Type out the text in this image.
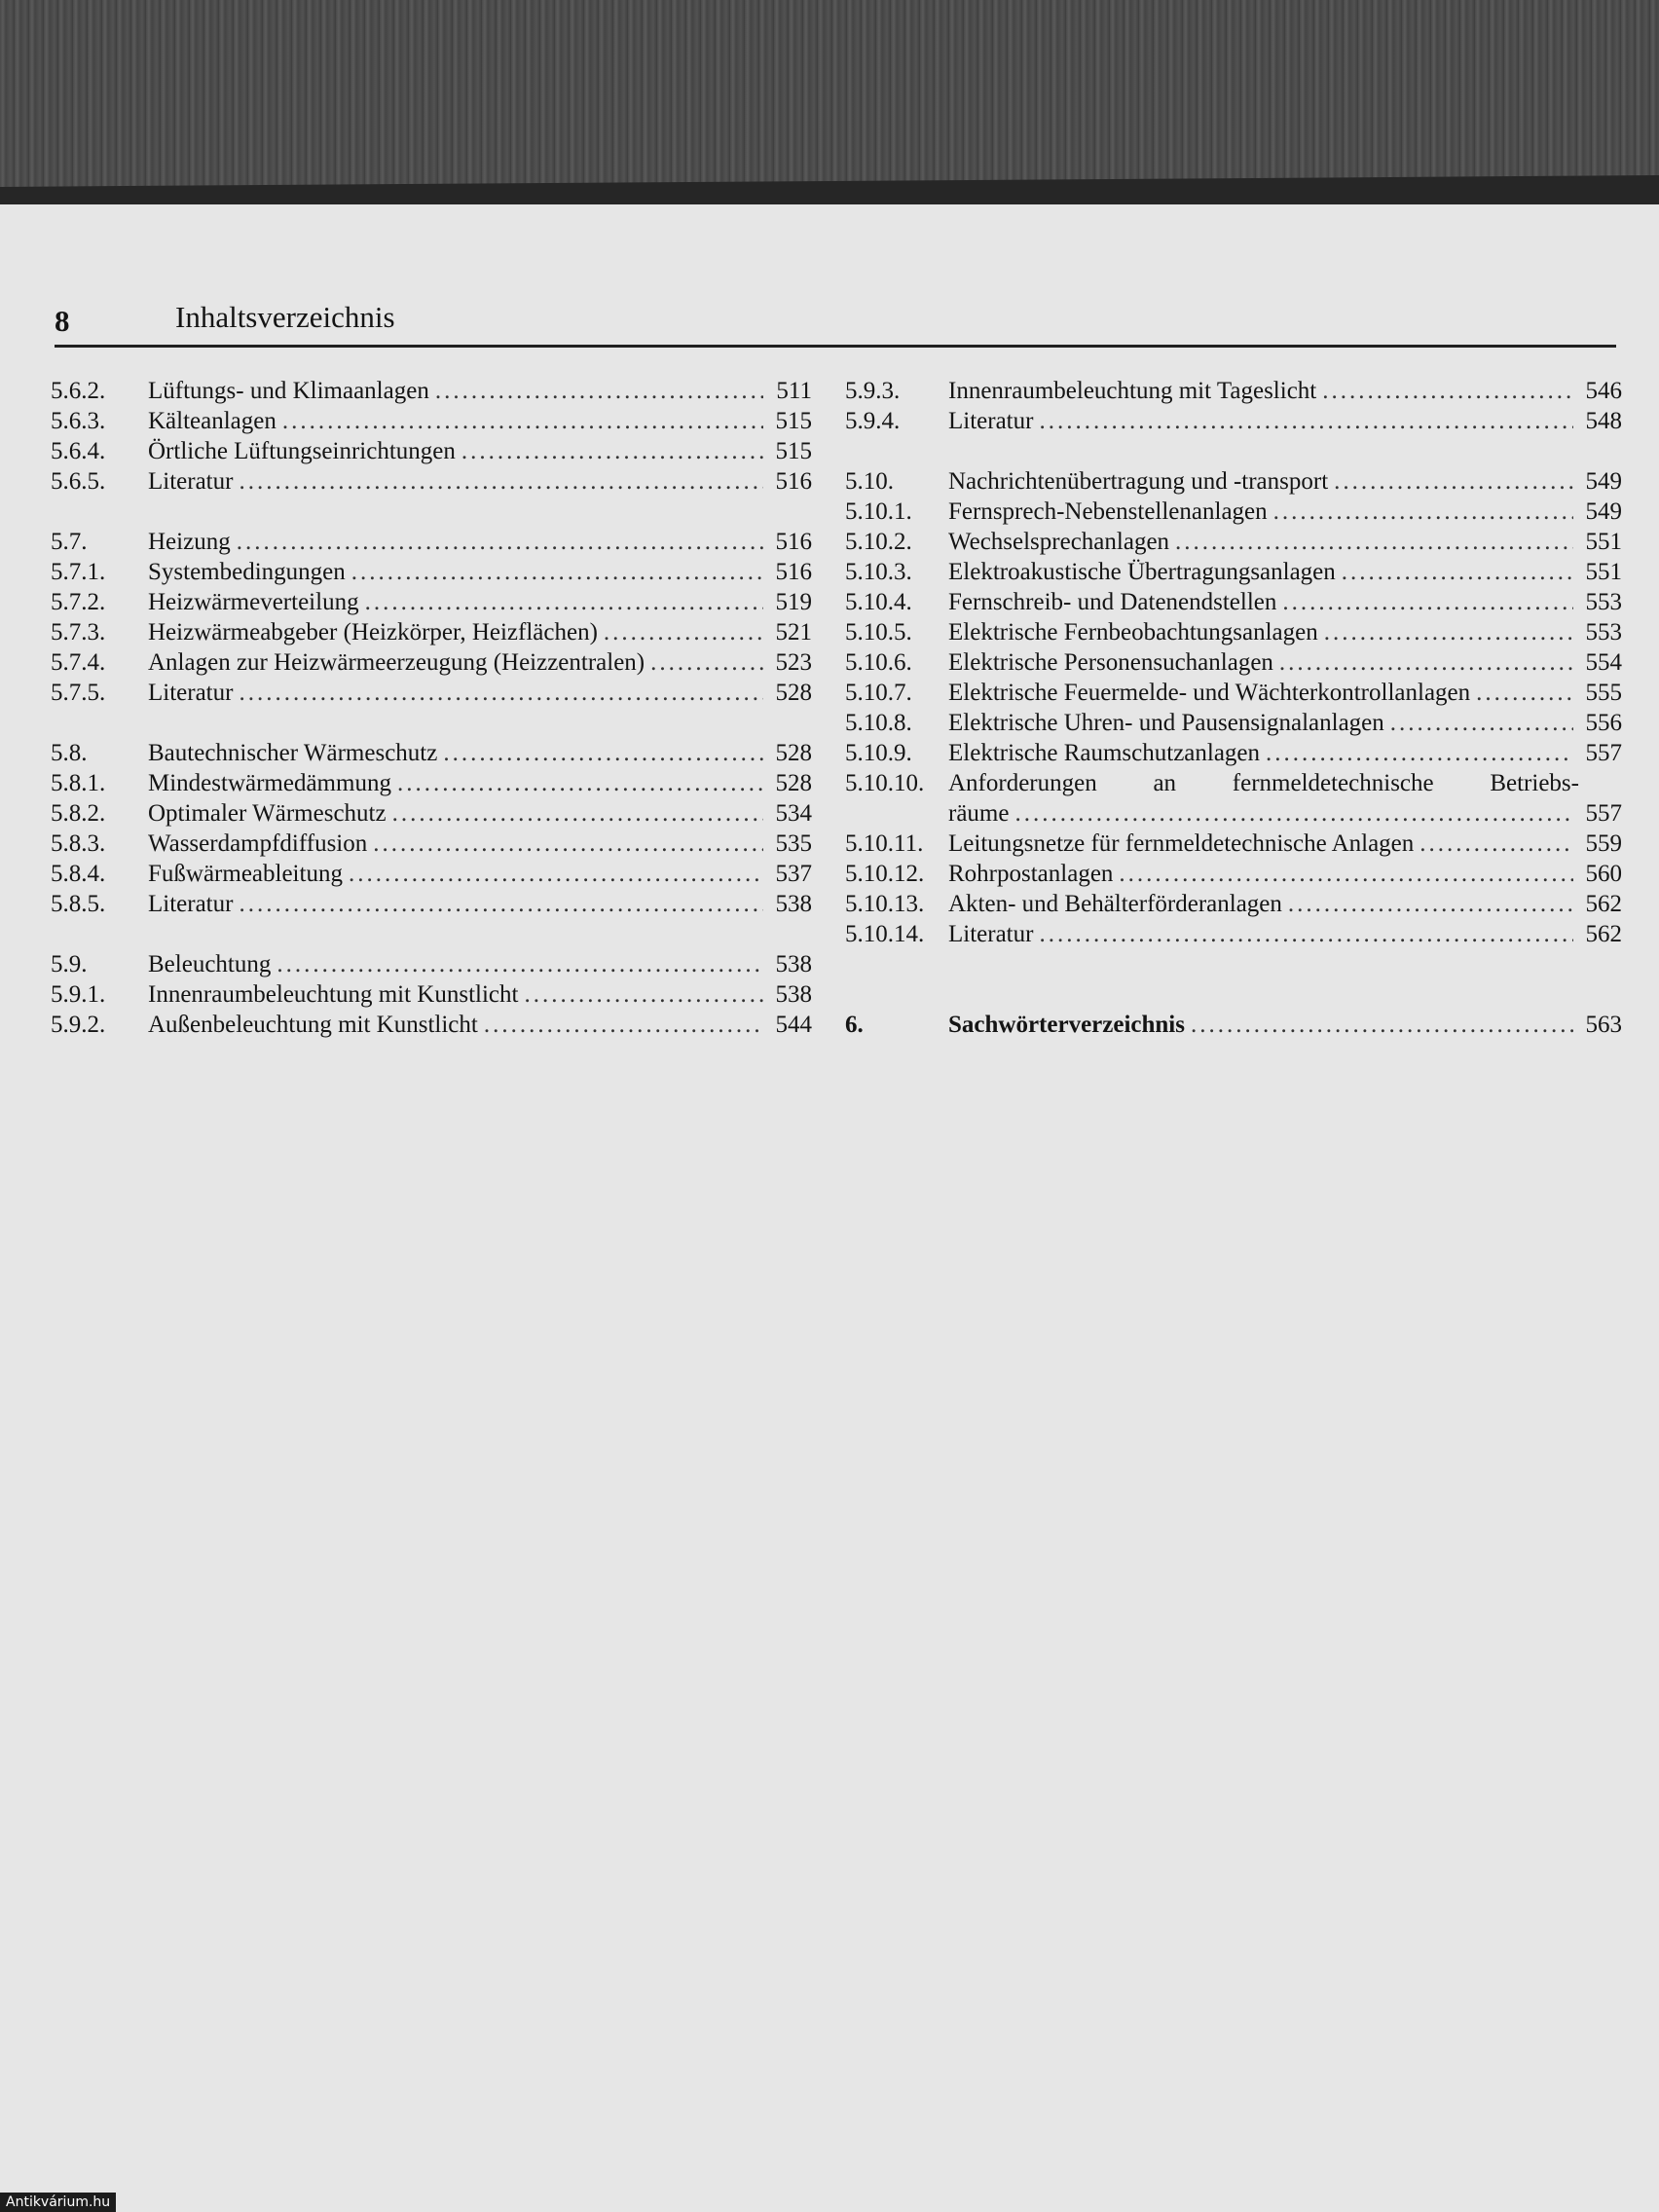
8	Inhaltsverzeichnis
5.6.2.	Lüftungs- und Klimaanlagen .....	511
5.6.3.	Kälteanlagen .....	515
5.6.4.	Örtliche Lüftungseinrichtungen .....	515
5.6.5.	Literatur .....	516
5.7.	Heizung .....	516
5.7.1.	Systembedingungen .....	516
5.7.2.	Heizwärmeverteilung .....	519
5.7.3.	Heizwärmeabgeber (Heizkörper, Heizflächen) .....	521
5.7.4.	Anlagen zur Heizwärmeerzeugung (Heizzentralen) .....	523
5.7.5.	Literatur .....	528
5.8.	Bautechnischer Wärmeschutz .....	528
5.8.1.	Mindestwärmedämmung .....	528
5.8.2.	Optimaler Wärmeschutz .....	534
5.8.3.	Wasserdampfdiffusion .....	535
5.8.4.	Fußwärmeableitung .....	537
5.8.5.	Literatur .....	538
5.9.	Beleuchtung .....	538
5.9.1.	Innenraumbeleuchtung mit Kunstlicht .....	538
5.9.2.	Außenbeleuchtung mit Kunstlicht .....	544
5.9.3.	Innenraumbeleuchtung mit Tageslicht .....	546
5.9.4.	Literatur .....	548
5.10.	Nachrichtenübertragung und -transport .....	549
5.10.1.	Fernsprech-Nebenstellenanlagen .....	549
5.10.2.	Wechselsprechanlagen .....	551
5.10.3.	Elektroakustische Übertragungsanlagen .....	551
5.10.4.	Fernschreib- und Datenendstellen .....	553
5.10.5.	Elektrische Fernbeobachtungsanlagen .....	553
5.10.6.	Elektrische Personensuchanlagen .....	554
5.10.7.	Elektrische Feuermelde- und Wächterkontrollanlagen .....	555
5.10.8.	Elektrische Uhren- und Pausensignalanlagen .....	556
5.10.9.	Elektrische Raumschutzanlagen .....	557
5.10.10. Anforderungen an fernmeldetechnische Betriebs-
räume .....	557
5.10.11.	Leitungsnetze für fernmeldetechnische Anlagen .....	559
5.10.12. Rohrpostanlagen .....	560
5.10.13. Akten- und Behälterförderanlagen .....	562
5.10.14. Literatur .....	562
6.	Sachwörterverzeichnis .....	563
Antikvárium.hu
